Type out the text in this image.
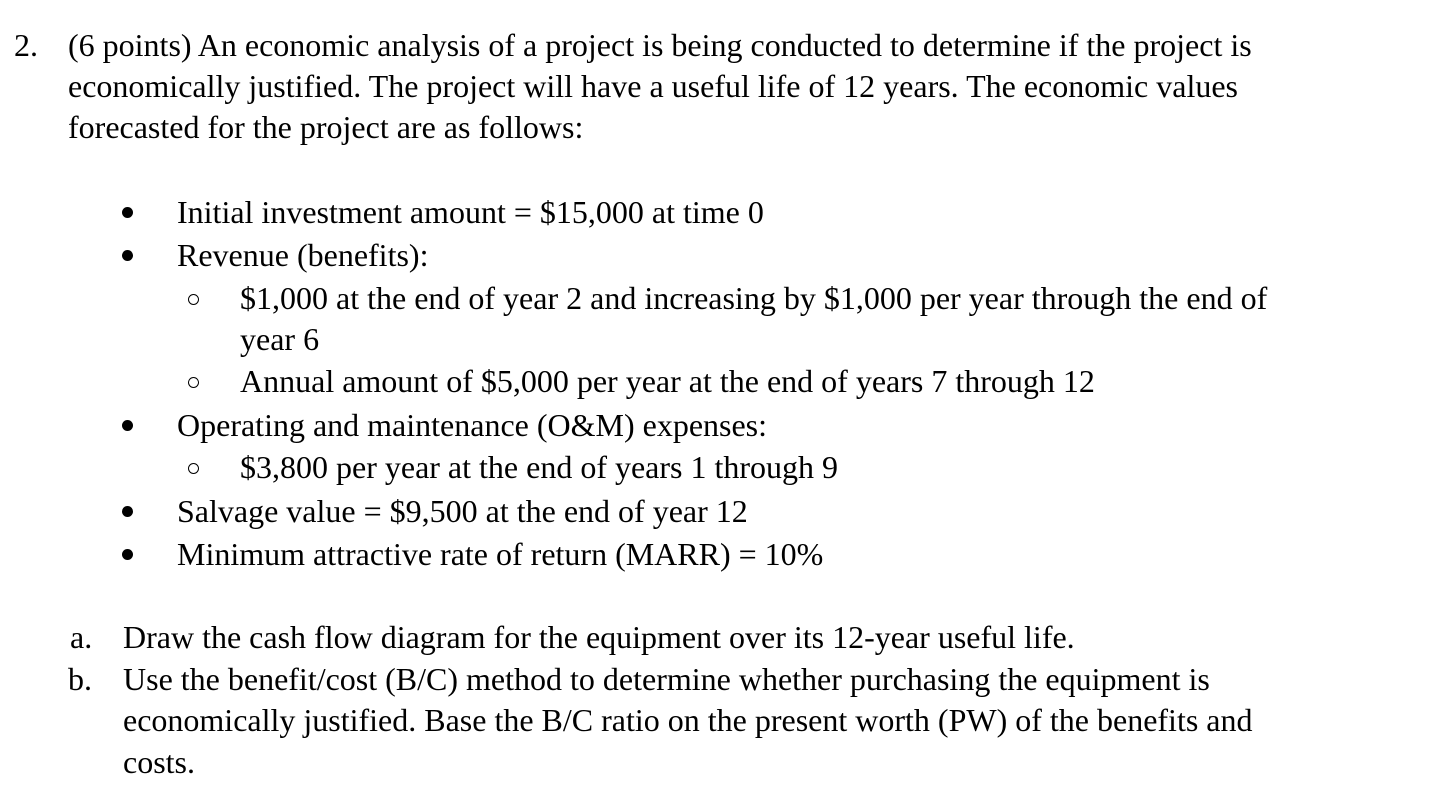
2. (6 points) An economic analysis of a project is being conducted to determine if the project is
economically justified. The project will have a useful life of 12 years. The economic values
forecasted for the project are as follows:
Initial investment amount = $15,000 at time 0
Revenue (benefits):
$1,000 at the end of year 2 and increasing by $1,000 per year through the end of
year 6
Annual amount of $5,000 per year at the end of years 7 through 12
Operating and maintenance (O&M) expenses:
$3,800 per year at the end of years 1 through 9
Salvage value = $9,500 at the end of year 12
Minimum attractive rate of return (MARR) = 10%
a. Draw the cash flow diagram for the equipment over its 12-year useful life.
b. Use the benefit/cost (B/C) method to determine whether purchasing the equipment is
economically justified. Base the B/C ratio on the present worth (PW) of the benefits and
costs.
